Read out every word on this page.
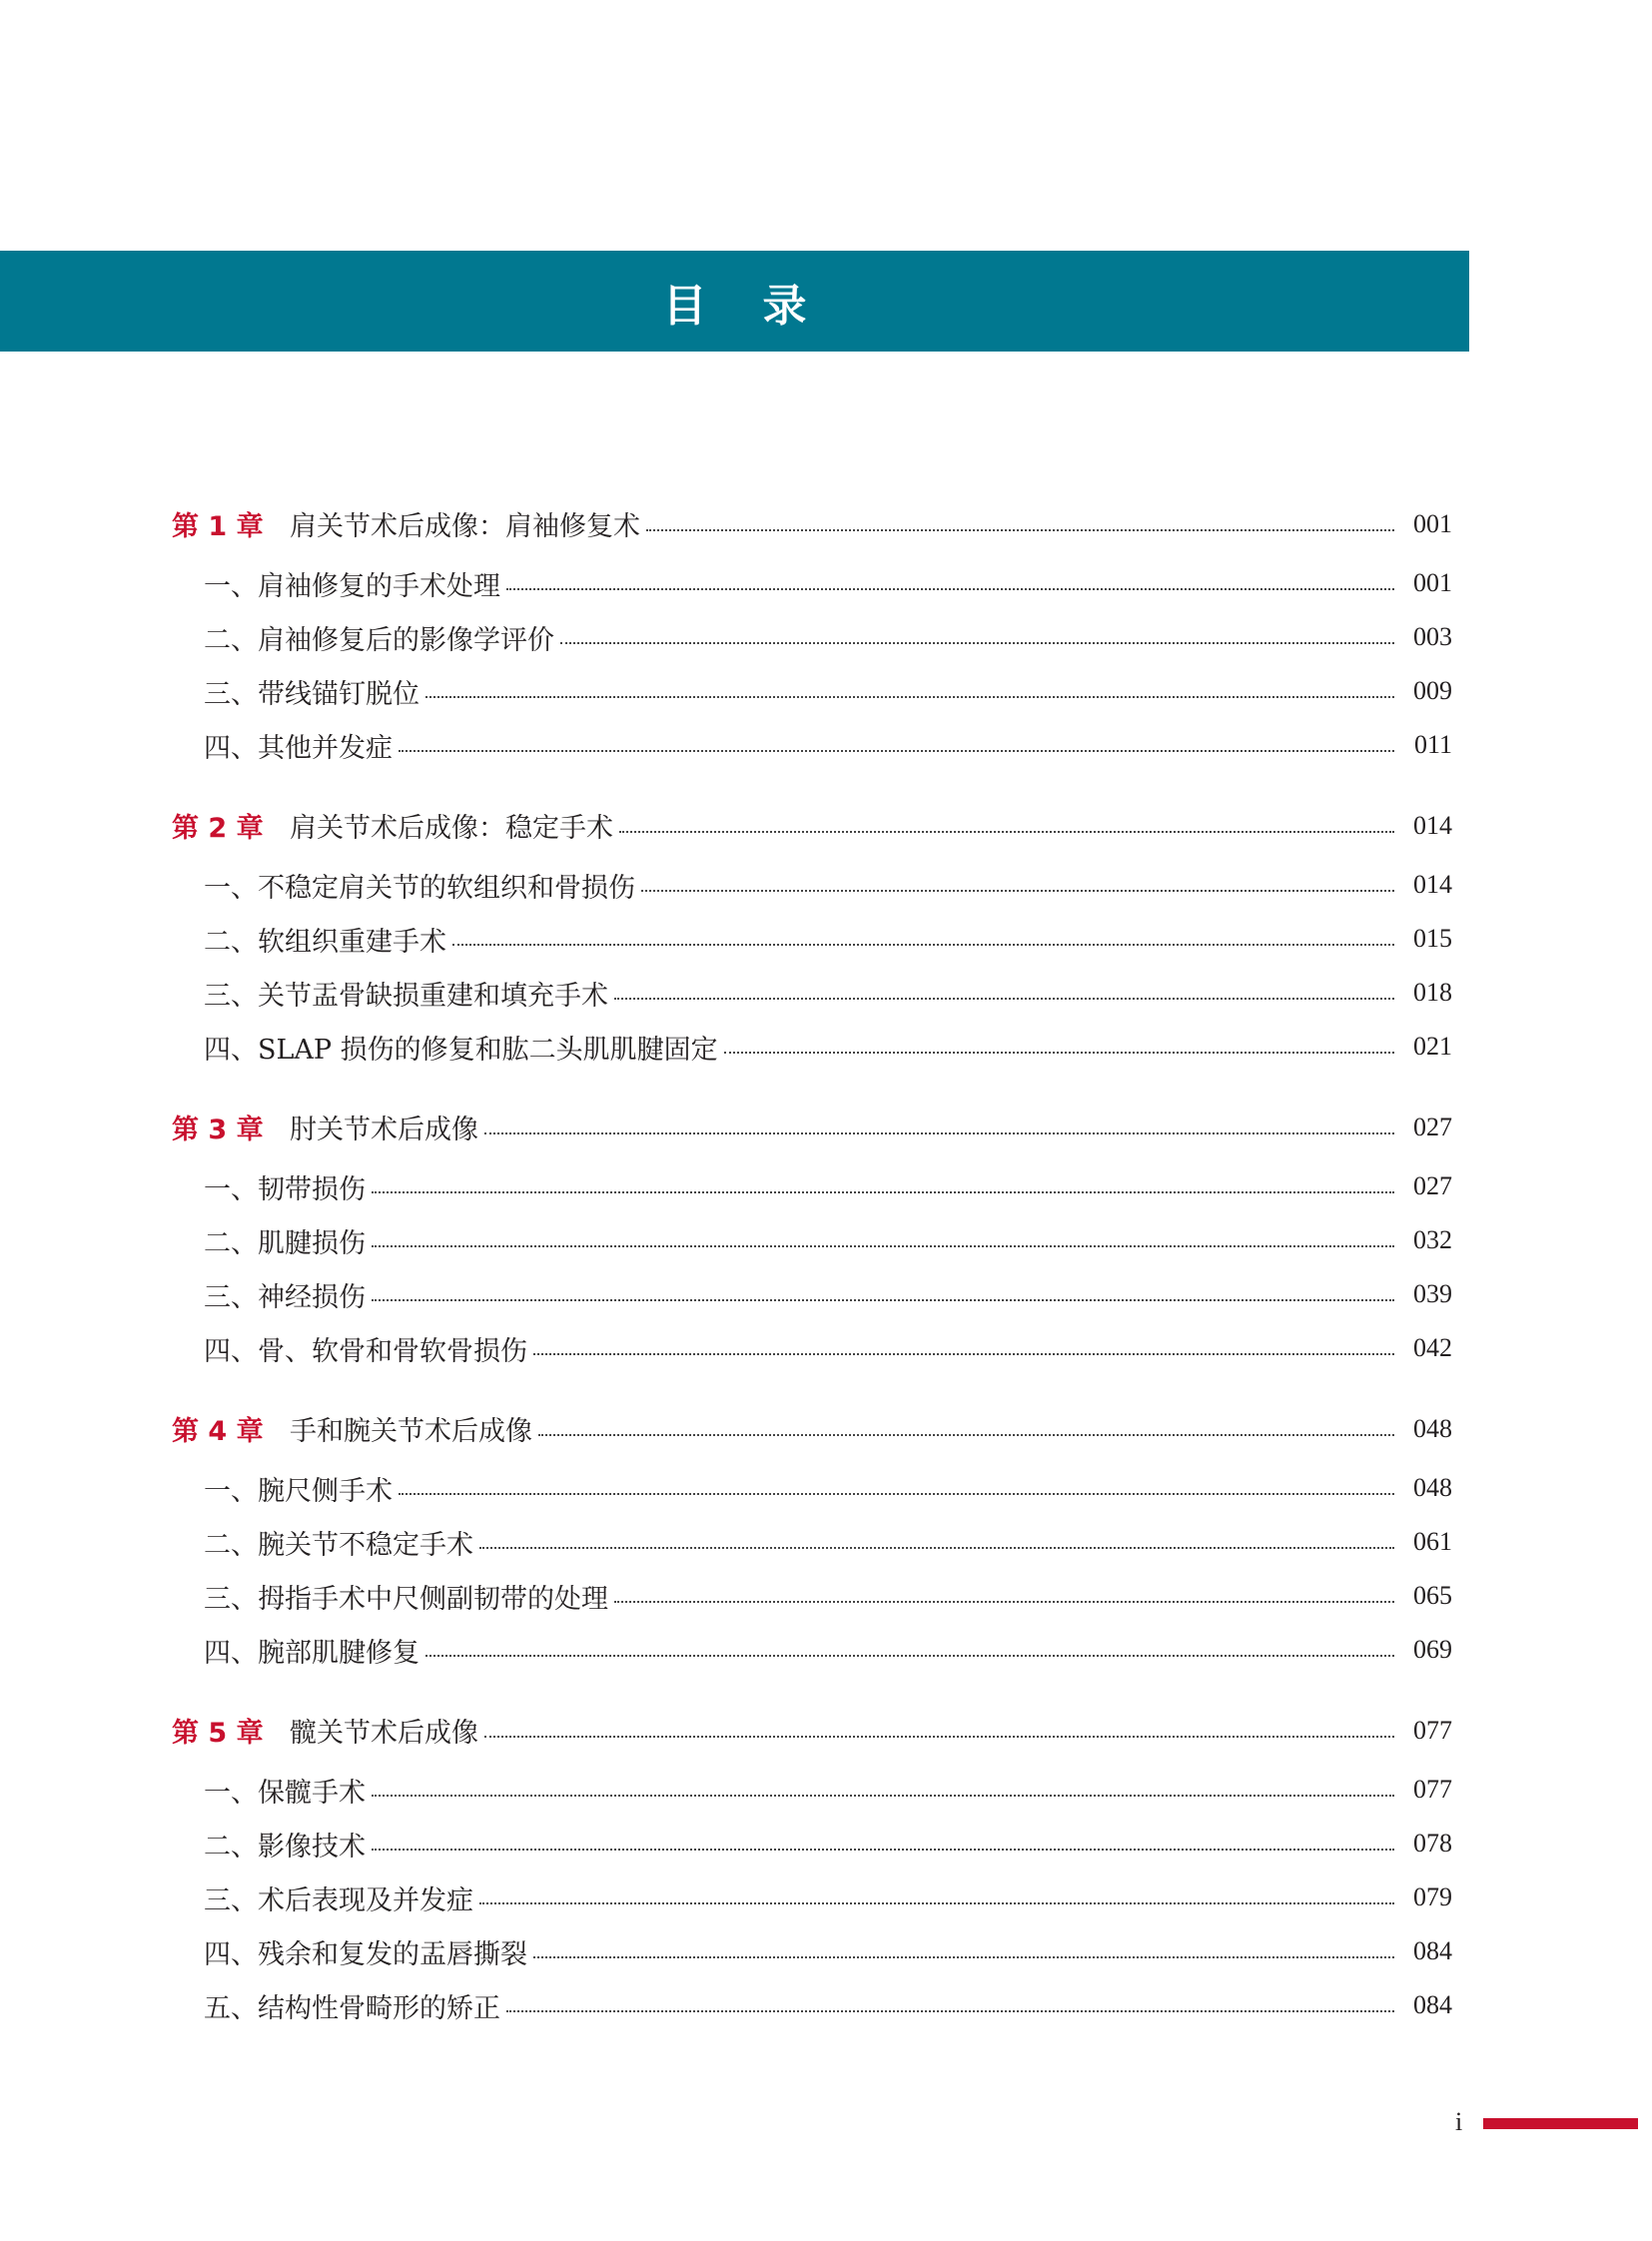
目录
第 1 章 肩关节术后成像：肩袖修复术	001
一、肩袖修复的手术处理	001
二、肩袖修复后的影像学评价	003
三、带线锚钉脱位	009
四、其他并发症	011
第 2 章 肩关节术后成像：稳定手术	014
一、不稳定肩关节的软组织和骨损伤	014
二、软组织重建手术	015
三、关节盂骨缺损重建和填充手术	018
四、SLAP 损伤的修复和肱二头肌肌腱固定	021
第 3 章 肘关节术后成像	027
一、韧带损伤	027
二、肌腱损伤	032
三、神经损伤	039
四、骨、软骨和骨软骨损伤	042
第 4 章 手和腕关节术后成像	048
一、腕尺侧手术	048
二、腕关节不稳定手术	061
三、拇指手术中尺侧副韧带的处理	065
四、腕部肌腱修复	069
第 5 章 髋关节术后成像	077
一、保髋手术	077
二、影像技术	078
三、术后表现及并发症	079
四、残余和复发的盂唇撕裂	084
五、结构性骨畸形的矫正	084
i
